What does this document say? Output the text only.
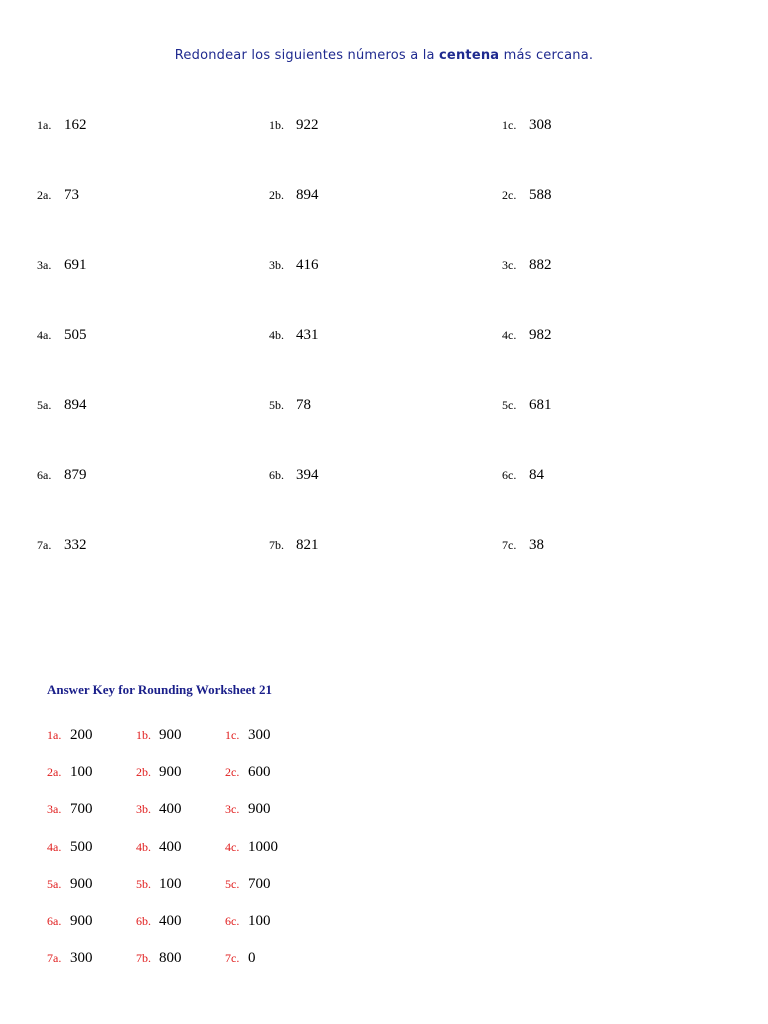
Redondear los siguientes números a la centena más cercana.
1a. 162	1b. 922	1c. 308
2a. 73	2b. 894	2c. 588
3a. 691	3b. 416	3c. 882
4a. 505	4b. 431	4c. 982
5a. 894	5b. 78	5c. 681
6a. 879	6b. 394	6c. 84
7a. 332	7b. 821	7c. 38
Answer Key for Rounding Worksheet 21
1a. 200	1b. 900	1c. 300
2a. 100	2b. 900	2c. 600
3a. 700	3b. 400	3c. 900
4a. 500	4b. 400	4c. 1000
5a. 900	5b. 100	5c. 700
6a. 900	6b. 400	6c. 100
7a. 300	7b. 800	7c. 0
